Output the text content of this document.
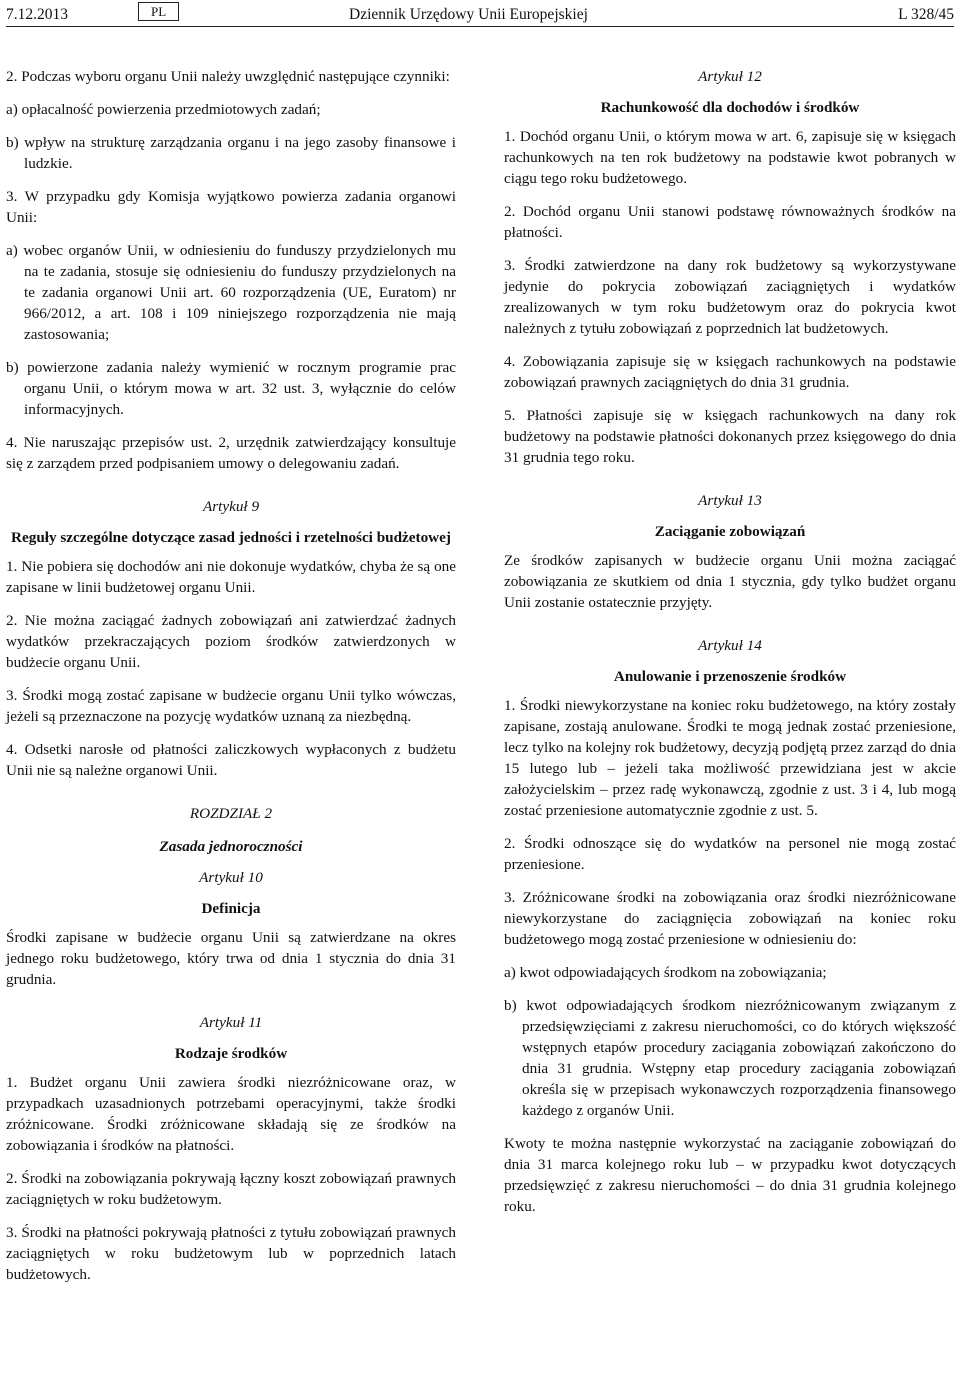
7.12.2013	PL	Dziennik Urzędowy Unii Europejskiej	L 328/45

2. Podczas wyboru organu Unii należy uwzględnić następujące czynniki:

a) opłacalność powierzenia przedmiotowych zadań;

b) wpływ na strukturę zarządzania organu i na jego zasoby finansowe i ludzkie.

3. W przypadku gdy Komisja wyjątkowo powierza zadania organowi Unii:

a) wobec organów Unii, w odniesieniu do funduszy przydzielonych mu na te zadania, stosuje się odniesieniu do funduszy przydzielonych na te zadania organowi Unii art. 60 rozporządzenia (UE, Euratom) nr 966/2012, a art. 108 i 109 niniejszego rozporządzenia nie mają zastosowania;

b) powierzone zadania należy wymienić w rocznym programie prac organu Unii, o którym mowa w art. 32 ust. 3, wyłącznie do celów informacyjnych.

4. Nie naruszając przepisów ust. 2, urzędnik zatwierdzający konsultuje się z zarządem przed podpisaniem umowy o delegowaniu zadań.

Artykuł 9

Reguły szczególne dotyczące zasad jedności i rzetelności budżetowej

1. Nie pobiera się dochodów ani nie dokonuje wydatków, chyba że są one zapisane w linii budżetowej organu Unii.

2. Nie można zaciągać żadnych zobowiązań ani zatwierdzać żadnych wydatków przekraczających poziom środków zatwierdzonych w budżecie organu Unii.

3. Środki mogą zostać zapisane w budżecie organu Unii tylko wówczas, jeżeli są przeznaczone na pozycję wydatków uznaną za niezbędną.

4. Odsetki narosłe od płatności zaliczkowych wypłaconych z budżetu Unii nie są należne organowi Unii.

ROZDZIAŁ 2

Zasada jednoroczności

Artykuł 10

Definicja

Środki zapisane w budżecie organu Unii są zatwierdzane na okres jednego roku budżetowego, który trwa od dnia 1 stycznia do dnia 31 grudnia.

Artykuł 11

Rodzaje środków

1. Budżet organu Unii zawiera środki niezróżnicowane oraz, w przypadkach uzasadnionych potrzebami operacyjnymi, także środki zróżnicowane. Środki zróżnicowane składają się ze środków na zobowiązania i środków na płatności.

2. Środki na zobowiązania pokrywają łączny koszt zobowiązań prawnych zaciągniętych w roku budżetowym.

3. Środki na płatności pokrywają płatności z tytułu zobowiązań prawnych zaciągniętych w roku budżetowym lub w poprzednich latach budżetowych.

Artykuł 12

Rachunkowość dla dochodów i środków

1. Dochód organu Unii, o którym mowa w art. 6, zapisuje się w księgach rachunkowych na ten rok budżetowy na podstawie kwot pobranych w ciągu tego roku budżetowego.

2. Dochód organu Unii stanowi podstawę równoważnych środków na płatności.

3. Środki zatwierdzone na dany rok budżetowy są wykorzystywane jedynie do pokrycia zobowiązań zaciągniętych i wydatków zrealizowanych w tym roku budżetowym oraz do pokrycia kwot należnych z tytułu zobowiązań z poprzednich lat budżetowych.

4. Zobowiązania zapisuje się w księgach rachunkowych na podstawie zobowiązań prawnych zaciągniętych do dnia 31 grudnia.

5. Płatności zapisuje się w księgach rachunkowych na dany rok budżetowy na podstawie płatności dokonanych przez księgowego do dnia 31 grudnia tego roku.

Artykuł 13

Zaciąganie zobowiązań

Ze środków zapisanych w budżecie organu Unii można zaciągać zobowiązania ze skutkiem od dnia 1 stycznia, gdy tylko budżet organu Unii zostanie ostatecznie przyjęty.

Artykuł 14

Anulowanie i przenoszenie środków

1. Środki niewykorzystane na koniec roku budżetowego, na który zostały zapisane, zostają anulowane. Środki te mogą jednak zostać przeniesione, lecz tylko na kolejny rok budżetowy, decyzją podjętą przez zarząd do dnia 15 lutego lub – jeżeli taka możliwość przewidziana jest w akcie założycielskim – przez radę wykonawczą, zgodnie z ust. 3 i 4, lub mogą zostać przeniesione automatycznie zgodnie z ust. 5.

2. Środki odnoszące się do wydatków na personel nie mogą zostać przeniesione.

3. Zróżnicowane środki na zobowiązania oraz środki niezróżnicowane niewykorzystane do zaciągnięcia zobowiązań na koniec roku budżetowego mogą zostać przeniesione w odniesieniu do:

a) kwot odpowiadających środkom na zobowiązania;

b) kwot odpowiadających środkom niezróżnicowanym związanym z przedsięwzięciami z zakresu nieruchomości, co do których większość wstępnych etapów procedury zaciągania zobowiązań zakończono do dnia 31 grudnia. Wstępny etap procedury zaciągania zobowiązań określa się w przepisach wykonawczych rozporządzenia finansowego każdego z organów Unii.

Kwoty te można następnie wykorzystać na zaciąganie zobowiązań do dnia 31 marca kolejnego roku lub – w przypadku kwot dotyczących przedsięwzięć z zakresu nieruchomości – do dnia 31 grudnia kolejnego roku.
